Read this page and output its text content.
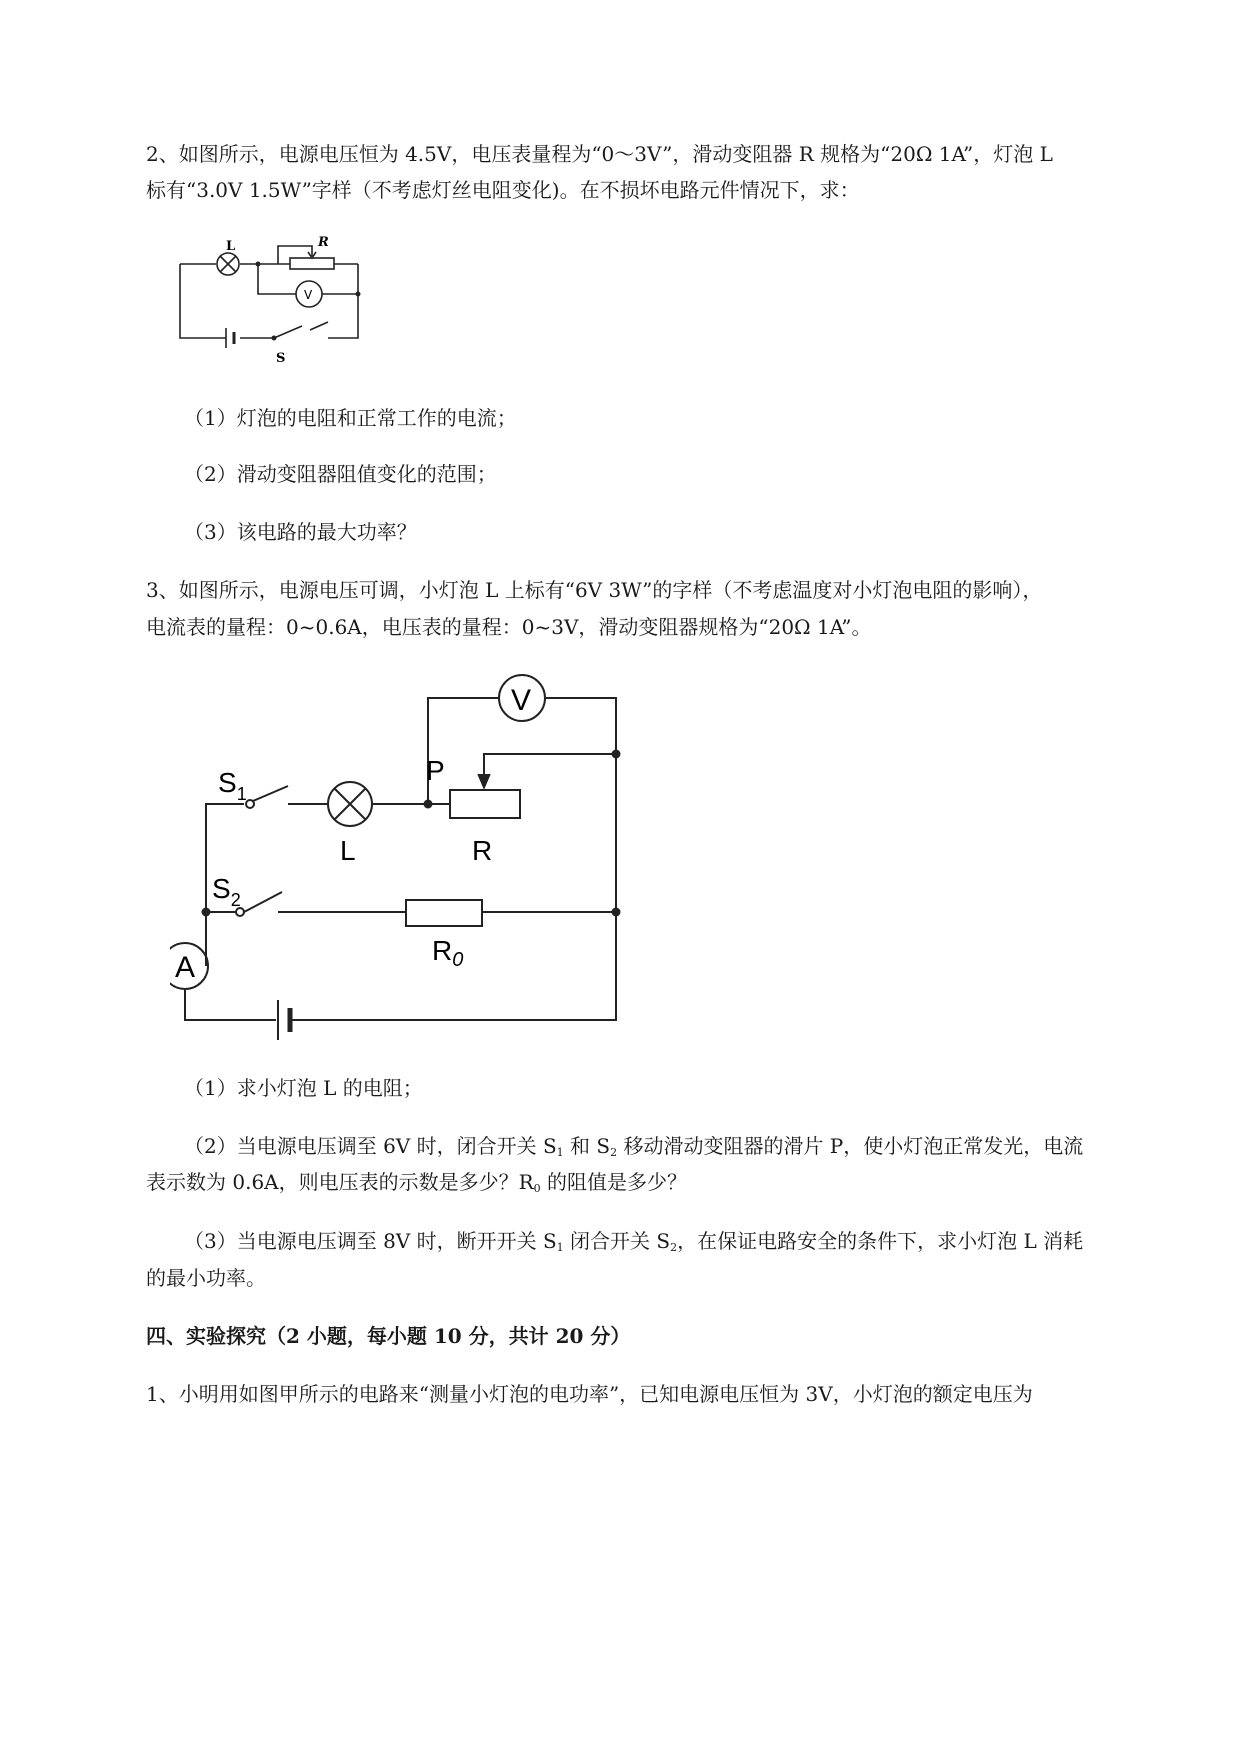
2、如图所示，电源电压恒为 4.5V，电压表量程为“0～3V”，滑动变阻器 R 规格为“20Ω 1A”，灯泡 L
标有“3.0V 1.5W”字样（不考虑灯丝电阻变化)。在不损坏电路元件情况下，求：
L	R
V
S
（1）灯泡的电阻和正常工作的电流；
（2）滑动变阻器阻值变化的范围；
（3）该电路的最大功率？
3、如图所示，电源电压可调，小灯泡 L 上标有“6V 3W”的字样（不考虑温度对小灯泡电阻的影响），
电流表的量程：0~0.6A，电压表的量程：0~3V，滑动变阻器规格为“20Ω 1A”。
V
$S_1$
L
P
R
$S_2$
$R_0$
A
（1）求小灯泡 L 的电阻；
（2）当电源电压调至 6V 时，闭合开关 $S_1$ 和 $S_2$ 移动滑动变阻器的滑片 P，使小灯泡正常发光，电流
表示数为 0.6A，则电压表的示数是多少？$R_0$ 的阻值是多少？
（3）当电源电压调至 8V 时，断开开关 $S_1$ 闭合开关 $S_2$，在保证电路安全的条件下，求小灯泡 L 消耗
的最小功率。
四、实验探究（2 小题，每小题 10 分，共计 20 分）
1、小明用如图甲所示的电路来“测量小灯泡的电功率”，已知电源电压恒为 3V，小灯泡的额定电压为
